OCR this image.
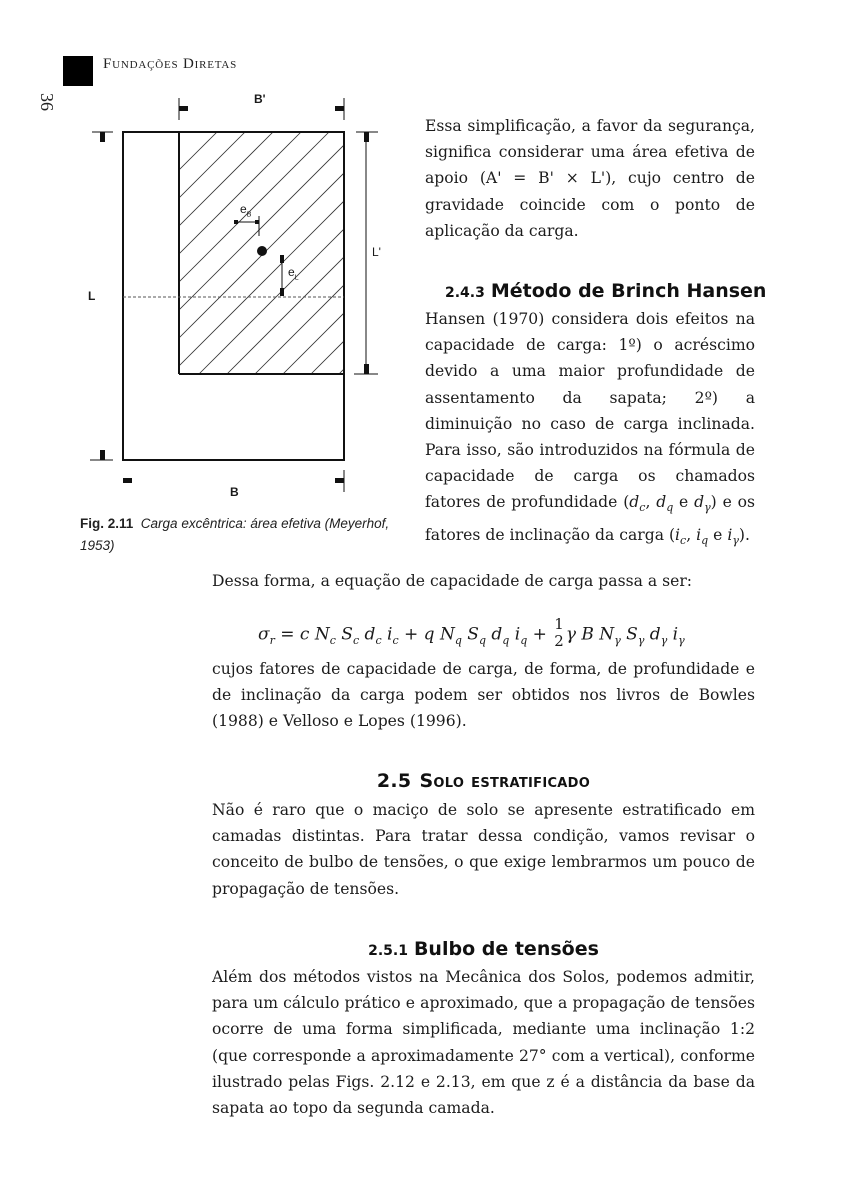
Fundações Diretas
36	B'
L'
L
B
$e_B$
$e_L$
Fig. 2.11 Carga excêntrica: área efetiva (Meyerhof, 1953)
Essa simplificação, a favor da segurança, significa considerar uma área efetiva de apoio (A' = B' × L'), cujo centro de gravidade coincide com o ponto de aplicação da carga.
2.4.3 Método de Brinch Hansen
Hansen (1970) considera dois efeitos na capacidade de carga: 1º) o acréscimo devido a uma maior profundidade de assentamento da sapata; 2º) a diminuição no caso de carga inclinada. Para isso, são introduzidos na fórmula de capacidade de carga os chamados fatores de profundidade ($d_c$, $d_q$ e $d_\gamma$) e os fatores de inclinação da carga ($i_c$, $i_q$ e $i_\gamma$).
Dessa forma, a equação de capacidade de carga passa a ser:
$\sigma_r = c$ $N_c$ $S_c$ $d_c$ $i_c + q$ $N_q$ $S_q$ $d_q$ $i_q$ +
1
2 γ B $N_\gamma$ $S_\gamma$ $d_\gamma$ $i_\gamma$
cujos fatores de capacidade de carga, de forma, de profundidade e de inclinação da carga podem ser obtidos nos livros de Bowles (1988) e Velloso e Lopes (1996).
2.5 Solo estratificado
Não é raro que o maciço de solo se apresente estratificado em camadas distintas. Para tratar dessa condição, vamos revisar o conceito de bulbo de tensões, o que exige lembrarmos um pouco de propagação de tensões.
2.5.1 Bulbo de tensões
Além dos métodos vistos na Mecânica dos Solos, podemos admitir, para um cálculo prático e aproximado, que a propagação de tensões ocorre de uma forma simplificada, mediante uma inclinação 1:2 (que corresponde a aproximadamente 27° com a vertical), conforme ilustrado pelas Figs. 2.12 e 2.13, em que z é a distância da base da sapata ao topo da segunda camada.
